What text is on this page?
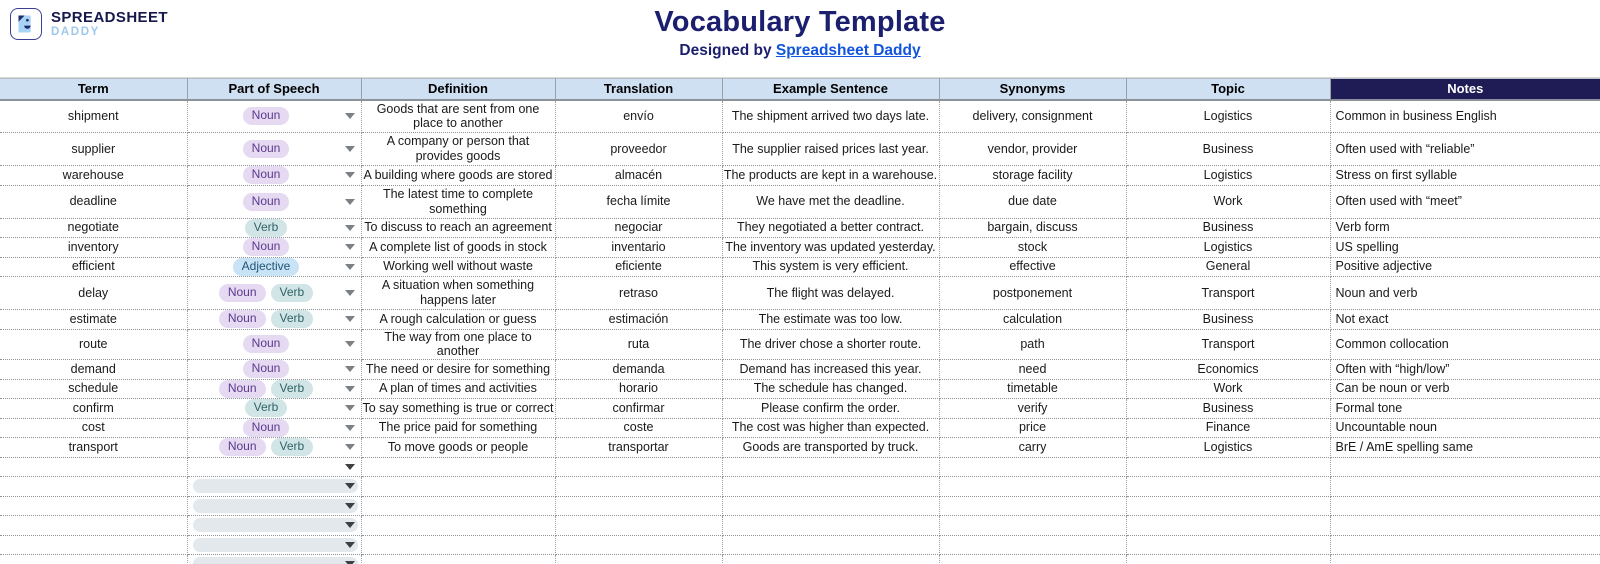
SPREADSHEET
DADDY	Vocabulary Template
Designed by Spreadsheet Daddy
Term	Part of Speech	Definition	Translation	Example Sentence	Synonyms	Topic	Notes
shipment	Noun	Goods that are sent from one place to another	envío	The shipment arrived two days late.	delivery, consignment	Logistics	Common in business English
supplier	Noun	A company or person that provides goods	proveedor	The supplier raised prices last year.	vendor, provider	Business	Often used with “reliable”
warehouse	Noun	A building where goods are stored	almacén	The products are kept in a warehouse.	storage facility	Logistics	Stress on first syllable
deadline	Noun	The latest time to complete something	fecha límite	We have met the deadline.	due date	Work	Often used with “meet”
negotiate	Verb	To discuss to reach an agreement	negociar	They negotiated a better contract.	bargain, discuss	Business	Verb form
inventory	Noun	A complete list of goods in stock	inventario	The inventory was updated yesterday.	stock	Logistics	US spelling
efficient	Adjective	Working well without waste	eficiente	This system is very efficient.	effective	General	Positive adjective
delay	Noun Verb	A situation when something happens later	retraso	The flight was delayed.	postponement	Transport	Noun and verb
estimate	Noun Verb	A rough calculation or guess	estimación	The estimate was too low.	calculation	Business	Not exact
route	Noun	The way from one place to another	ruta	The driver chose a shorter route.	path	Transport	Common collocation
demand	Noun	The need or desire for something	demanda	Demand has increased this year.	need	Economics	Often with “high/low”
schedule	Noun Verb	A plan of times and activities	horario	The schedule has changed.	timetable	Work	Can be noun or verb
confirm	Verb	To say something is true or correct	confirmar	Please confirm the order.	verify	Business	Formal tone
cost	Noun	The price paid for something	coste	The cost was higher than expected.	price	Finance	Uncountable noun
transport	Noun Verb	To move goods or people	transportar	Goods are transported by truck.	carry	Logistics	BrE / AmE spelling same
